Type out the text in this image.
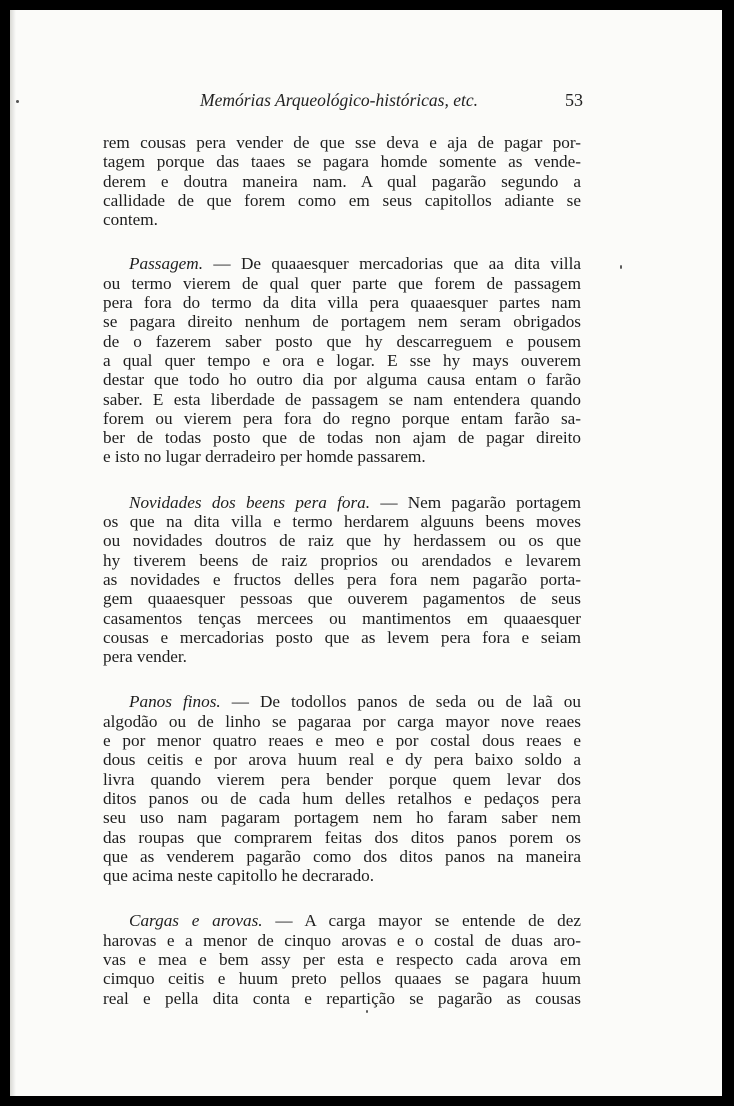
Memórias Arqueológico-históricas, etc.	53
rem cousas pera vender de que sse deva e aja de pagar por-
tagem porque das taaes se pagara homde somente as vende-
derem e doutra maneira nam. A qual pagarão segundo a
callidade de que forem como em seus capitollos adiante se
contem.
Passagem. — De quaaesquer mercadorias que aa dita villa
ou termo vierem de qual quer parte que forem de passagem
pera fora do termo da dita villa pera quaaesquer partes nam
se pagara direito nenhum de portagem nem seram obrigados
de o fazerem saber posto que hy descarreguem e pousem
a qual quer tempo e ora e logar. E sse hy mays ouverem
destar que todo ho outro dia por alguma causa entam o farão
saber. E esta liberdade de passagem se nam entendera quando
forem ou vierem pera fora do regno porque entam farão sa-
ber de todas posto que de todas non ajam de pagar direito
e isto no lugar derradeiro per homde passarem.
Novidades dos beens pera fora. — Nem pagarão portagem
os que na dita villa e termo herdarem alguuns beens moves
ou novidades doutros de raiz que hy herdassem ou os que
hy tiverem beens de raiz proprios ou arendados e levarem
as novidades e fructos delles pera fora nem pagarão porta-
gem quaaesquer pessoas que ouverem pagamentos de seus
casamentos tenças mercees ou mantimentos em quaaesquer
cousas e mercadorias posto que as levem pera fora e seiam
pera vender.
Panos finos. — De todollos panos de seda ou de laã ou
algodão ou de linho se pagaraa por carga mayor nove reaes
e por menor quatro reaes e meo e por costal dous reaes e
dous ceitis e por arova huum real e dy pera baixo soldo a
livra quando vierem pera bender porque quem levar dos
ditos panos ou de cada hum delles retalhos e pedaços pera
seu uso nam pagaram portagem nem ho faram saber nem
das roupas que comprarem feitas dos ditos panos porem os
que as venderem pagarão como dos ditos panos na maneira
que acima neste capitollo he decrarado.
Cargas e arovas. — A carga mayor se entende de dez
harovas e a menor de cinquo arovas e o costal de duas aro-
vas e mea e bem assy per esta e respecto cada arova em
cimquo ceitis e huum preto pellos quaaes se pagara huum
real e pella dita conta e repartição se pagarão as cousas
